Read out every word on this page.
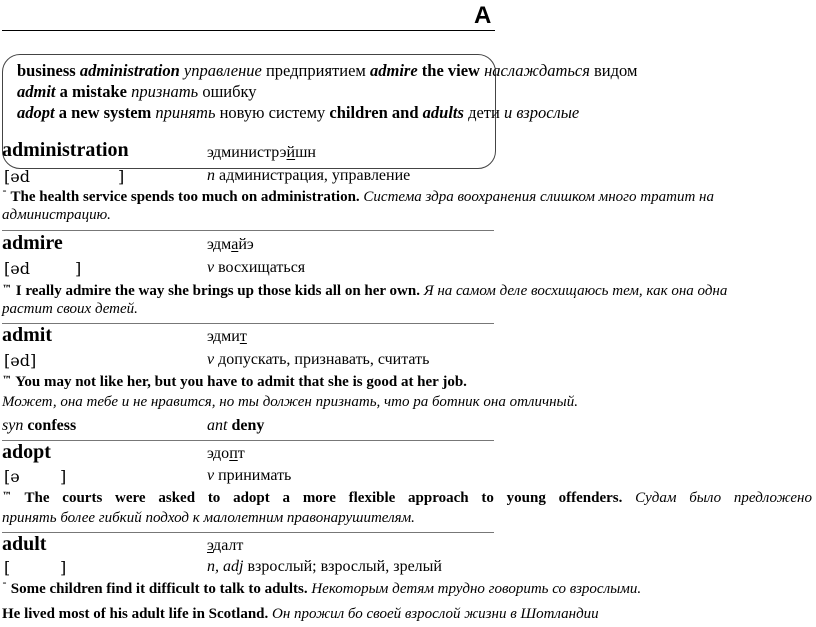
А
business administration управление предприятием admire the view наслаждаться видом
admit a mistake признать ошибку
adopt a new system принять новую систему children and adults дети и взрослые
administration	эдминистрэйшн
[əd	]	n администрация, управление
¯ The health service spends too much on administration. Система здра воохранения слишком много тратит на
администрацию.
admire	эдмайэ
[əd	]	v восхищаться
™ I really admire the way she brings up those kids all on her own. Я на самом деле восхищаюсь тем, как она одна
растит своих детей.
admit	эдмит
[əd]	v допускать, признавать, считать
™ You may not like her, but you have to admit that she is good at her job.
Может, она тебе и не нравится, но ты должен признать, что ра ботник она отличный.
syn confess	ant deny
adopt	эдопт
[ə	]	v принимать
™ The courts were asked to adopt a more flexible approach to young offenders. Судам было предложено
принять более гибкий подход к малолетним правонарушителям.
adult	эдалт
[	]	n, adj взрослый; взрослый, зрелый
¯ Some children find it difficult to talk to adults. Некоторым детям трудно говорить со взрослыми.
He lived most of his adult life in Scotland. Он прожил бо своей взрослой жизни в Шотландии
